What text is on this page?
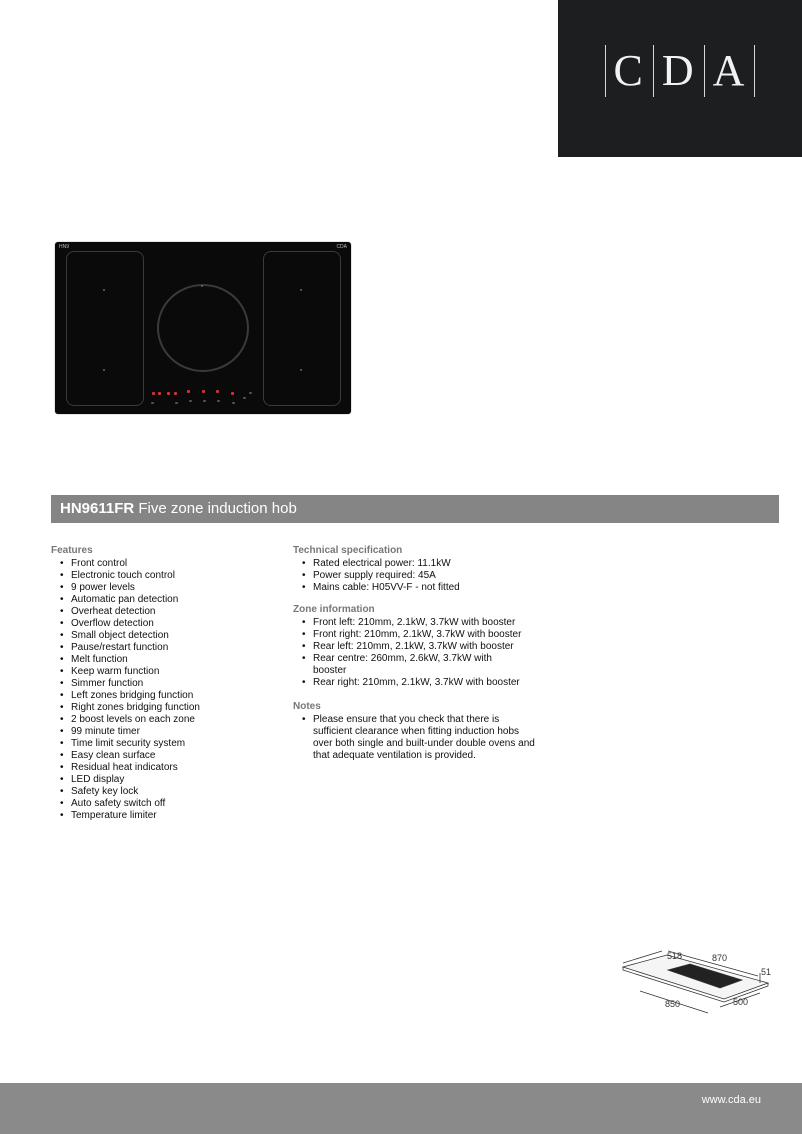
C D A
HN9	CDA
HN9611FR Five zone induction hob
Features
• Front control
• Electronic touch control
• 9 power levels
• Automatic pan detection
• Overheat detection
• Overflow detection
• Small object detection
• Pause/restart function
• Melt function
• Keep warm function
• Simmer function
• Left zones bridging function
• Right zones bridging function
• 2 boost levels on each zone
• 99 minute timer
• Time limit security system
• Easy clean surface
• Residual heat indicators
• LED display
• Safety key lock
• Auto safety switch off
• Temperature limiter
Technical specification
• Rated electrical power: 11.1kW
• Power supply required: 45A
• Mains cable: H05VV-F - not fitted
Zone information
• Front left: 210mm, 2.1kW, 3.7kW with booster
• Front right: 210mm, 2.1kW, 3.7kW with booster
• Rear left: 210mm, 2.1kW, 3.7kW with booster
• Rear centre: 260mm, 2.6kW, 3.7kW with booster
• Rear right: 210mm, 2.1kW, 3.7kW with booster
Notes
• Please ensure that you check that there is sufficient clearance when fitting induction hobs over both single and built-under double ovens and that adequate ventilation is provided.
518	870
51
850	500
www.cda.eu
